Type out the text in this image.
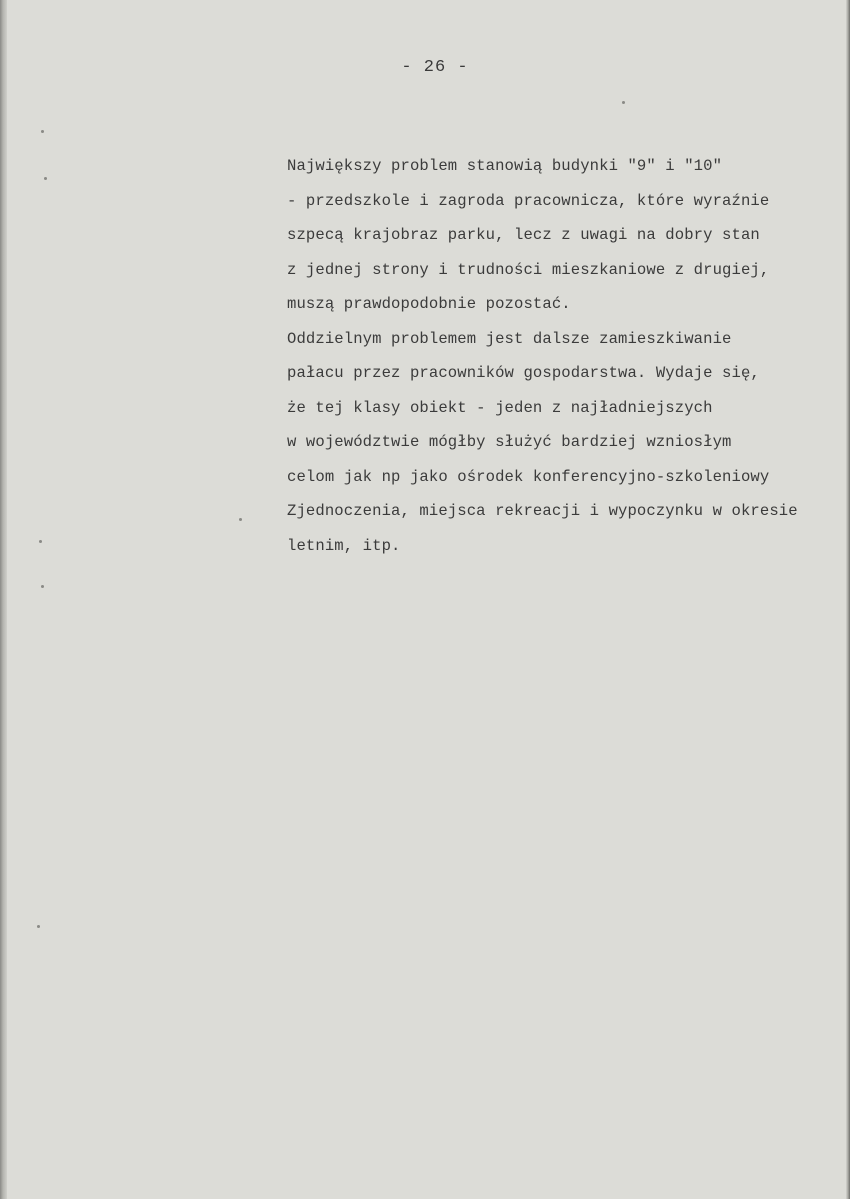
- 26 -
Największy problem stanowią budynki "9" i "10"
- przedszkole i zagroda pracownicza, które wyraźnie
szpecą krajobraz parku, lecz z uwagi na dobry stan
z jednej strony i trudności mieszkaniowe z drugiej,
muszą prawdopodobnie pozostać.
Oddzielnym problemem jest dalsze zamieszkiwanie
pałacu przez pracowników gospodarstwa. Wydaje się,
że tej klasy obiekt - jeden z najładniejszych
w województwie mógłby służyć bardziej wzniosłym
celom jak np jako ośrodek konferencyjno-szkoleniowy
Zjednoczenia, miejsca rekreacji i wypoczynku w okresie
letnim, itp.
